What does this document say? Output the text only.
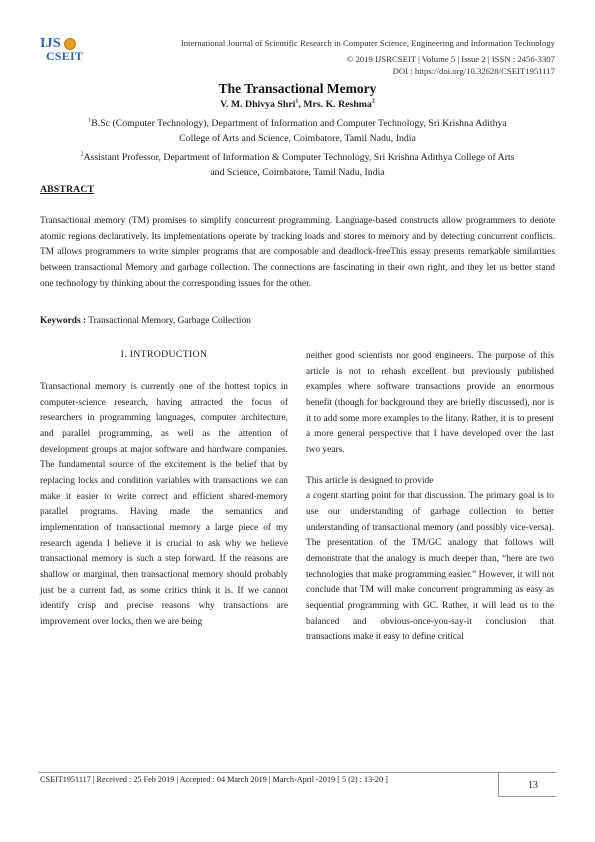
IJS
CSEIT
International Journal of Scientific Research in Computer Science, Engineering and Information Technology
© 2019 IJSRCSEIT | Volume 5 | Issue 2 | ISSN : 2456-3307
DOI : https://doi.org/10.32628/CSEIT1951117
The Transactional Memory
V. M. Dhivya Shri$^1$, Mrs. K. Reshma$^2$
$^1$B.Sc (Computer Technology), Department of Information and Computer Technology, Sri Krishna Adithya
College of Arts and Science, Coimbatore, Tamil Nadu, India
$^2$Assistant Professor, Department of Information & Computer Technology, Sri Krishna Adithya College of Arts
and Science, Coimbatore, Tamil Nadu, India
ABSTRACT
Transactional memory (TM) promises to simplify concurrent programming. Language-based constructs allow programmers to denote atomic regions declaratively. Its implementations operate by tracking loads and stores to memory and by detecting concurrent conflicts. TM allows programmers to write simpler programs that are composable and deadlock-freeThis essay presents remarkable similarities between transactional Memory and garbage collection. The connections are fascinating in their own right, and they let us better stand one technology by thinking about the corresponding issues for the other.
Keywords : Transactional Memory, Garbage Collection
I. INTRODUCTION
Transactional memory is currently one of the hottest topics in computer-science research, having attracted the focus of researchers in programming languages, computer architecture, and parallel programming, as well as the attention of development groups at major software and hardware companies. The fundamental source of the excitement is the belief that by replacing locks and condition variables with transactions we can make it easier to write correct and efficient shared-memory parallel programs. Having made the semantics and implementation of transactional memory a large piece of my research agenda I believe it is crucial to ask why we believe transactional memory is such a step forward. If the reasons are shallow or marginal, then transactional memory should probably just be a current fad, as some critics think it is. If we cannot identify crisp and precise reasons why transactions are improvement over locks, then we are being
neither good scientists nor good engineers. The purpose of this article is not to rehash excellent but previously published examples where software transactions provide an enormous benefit (though for background they are briefly discussed), nor is it to add some more examples to the litany. Rather, it is to present a more general perspective that I have developed over the last two years.
This article is designed to provide
a cogent starting point for that discussion. The primary goal is to use our understanding of garbage collection to better understanding of transactional memory (and possibly vice-versa). The presentation of the TM/GC analogy that follows will demonstrate that the analogy is much deeper than, “here are two technologies that make programming easier.” However, it will not conclude that TM will make concurrent programming as easy as sequential programming with GC. Rather, it will lead us to the balanced and obvious-once-you-say-it conclusion that transactions make it easy to define critical
CSEIT1951117 | Received : 25 Feb 2019 | Accepted : 04 March 2019 | March-April -2019 [ 5 (2) : 13-20 ]
13
